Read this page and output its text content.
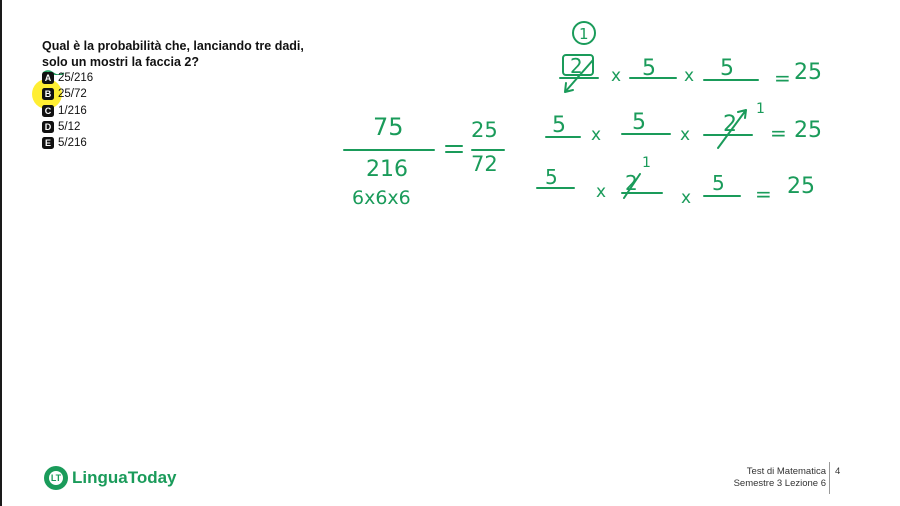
Qual è la probabilità che, lanciando tre dadi,
solo un mostri la faccia 2?
A 25/216
B 25/72
C 1/216
D 5/12
E 5/216
1
2 x 5 x 5 = 25
5 x 5 x 2
1
= 25
5
x 2
1
x
5 = 25
75
216
6x6x6
25
72
LT LinguaToday	Test di Matematica
Semestre 3 Lezione 6
4
